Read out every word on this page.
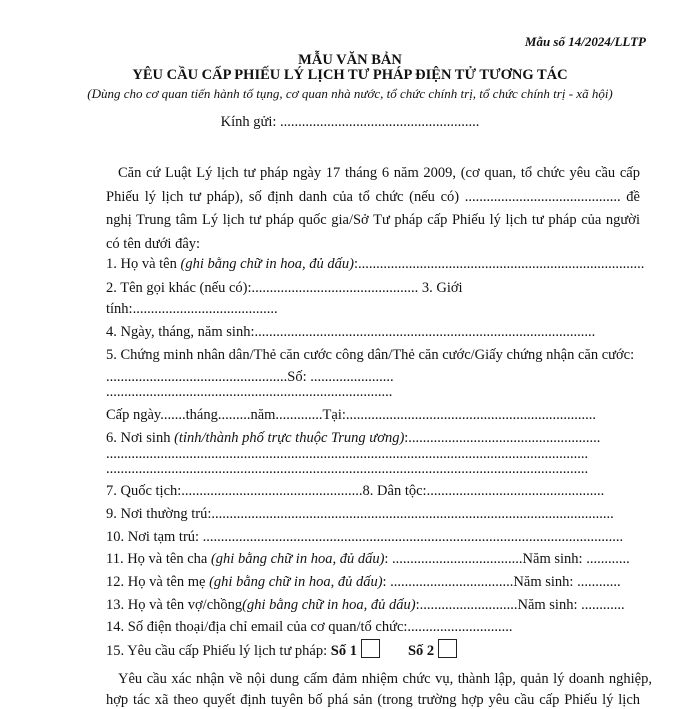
Mẫu số 14/2024/LLTP
MẪU VĂN BẢN
YÊU CẦU CẤP PHIẾU LÝ LỊCH TƯ PHÁP ĐIỆN TỬ TƯƠNG TÁC
(Dùng cho cơ quan tiến hành tố tụng, cơ quan nhà nước, tổ chức chính trị, tổ chức chính trị - xã hội)
Kính gửi: .......................................................
Căn cứ Luật Lý lịch tư pháp ngày 17 tháng 6 năm 2009, (cơ quan, tổ chức yêu cầu cấp
Phiếu lý lịch tư pháp), số định danh của tổ chức (nếu có) ........................................... đề
nghị Trung tâm Lý lịch tư pháp quốc gia/Sở Tư pháp cấp Phiếu lý lịch tư pháp của người
có tên dưới đây:
1. Họ và tên (ghi bằng chữ in hoa, đủ dấu):...............................................................................
2. Tên gọi khác (nếu có):.............................................. 3. Giới
tính:........................................
4. Ngày, tháng, năm sinh:..............................................................................................
5. Chứng minh nhân dân/Thẻ căn cước công dân/Thẻ căn cước/Giấy chứng nhận căn cước:
..................................................Số: .......................
...............................................................................
Cấp ngày.......tháng.........năm.............Tại:.....................................................................
6. Nơi sinh (tỉnh/thành phố trực thuộc Trung ương):.....................................................
.....................................................................................................................................
.....................................................................................................................................
7. Quốc tịch:..................................................8. Dân tộc:.................................................
9. Nơi thường trú:...............................................................................................................
10. Nơi tạm trú: ....................................................................................................................
11. Họ và tên cha (ghi bằng chữ in hoa, đủ dấu): ....................................Năm sinh: ............
12. Họ và tên mẹ (ghi bằng chữ in hoa, đủ dấu): ..................................Năm sinh: ............
13. Họ và tên vợ/chồng(ghi bằng chữ in hoa, đủ dấu):...........................Năm sinh: ............
14. Số điện thoại/địa chỉ email của cơ quan/tổ chức:.............................
15. Yêu cầu cấp Phiếu lý lịch tư pháp: Số 1	Số 2
Yêu cầu xác nhận về nội dung cấm đảm nhiệm chức vụ, thành lập, quản lý doanh nghiệp,
hợp tác xã theo quyết định tuyên bố phá sản (trong trường hợp yêu cầu cấp Phiếu lý lịch
